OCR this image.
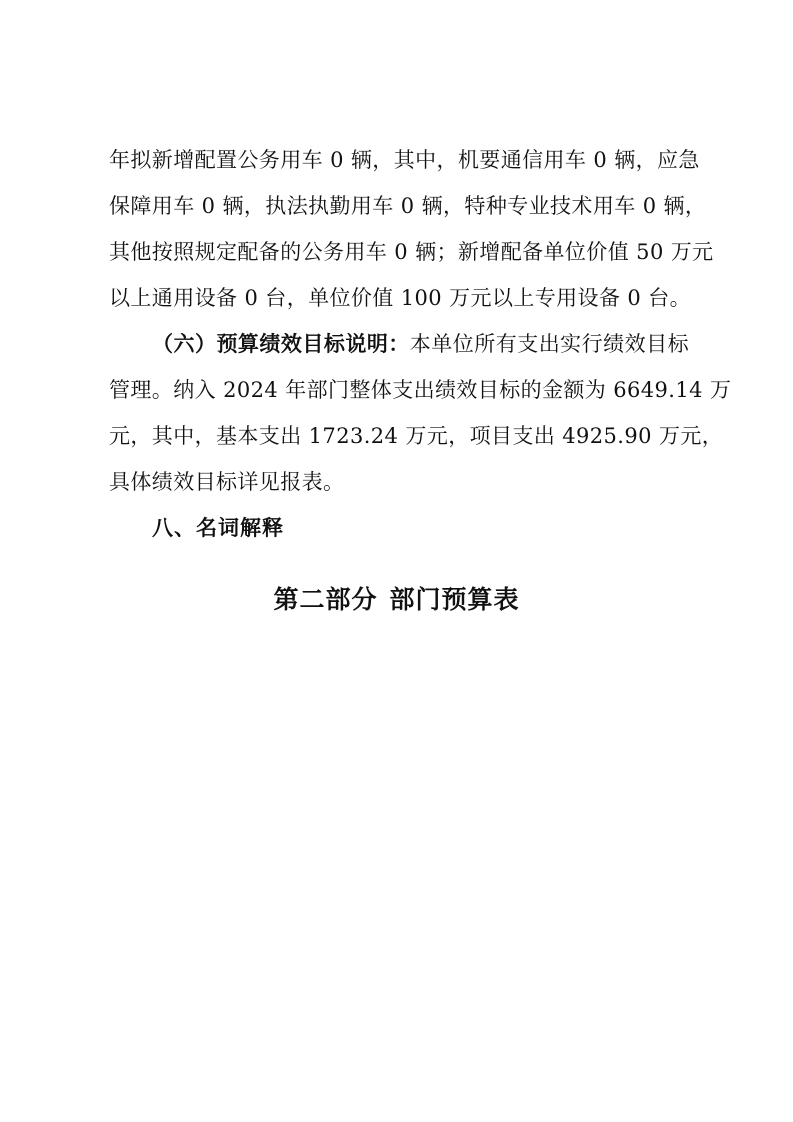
年拟新增配置公务用车 0 辆，其中，机要通信用车 0 辆，应急
保障用车 0 辆，执法执勤用车 0 辆，特种专业技术用车 0 辆，
其他按照规定配备的公务用车 0 辆；新增配备单位价值 50 万元
以上通用设备 0 台，单位价值 100 万元以上专用设备 0 台。
（六）预算绩效目标说明：本单位所有支出实行绩效目标
管理。纳入 2024 年部门整体支出绩效目标的金额为 6649.14 万
元，其中，基本支出 1723.24 万元，项目支出 4925.90 万元，
具体绩效目标详见报表。
八、名词解释
第二部分 部门预算表
